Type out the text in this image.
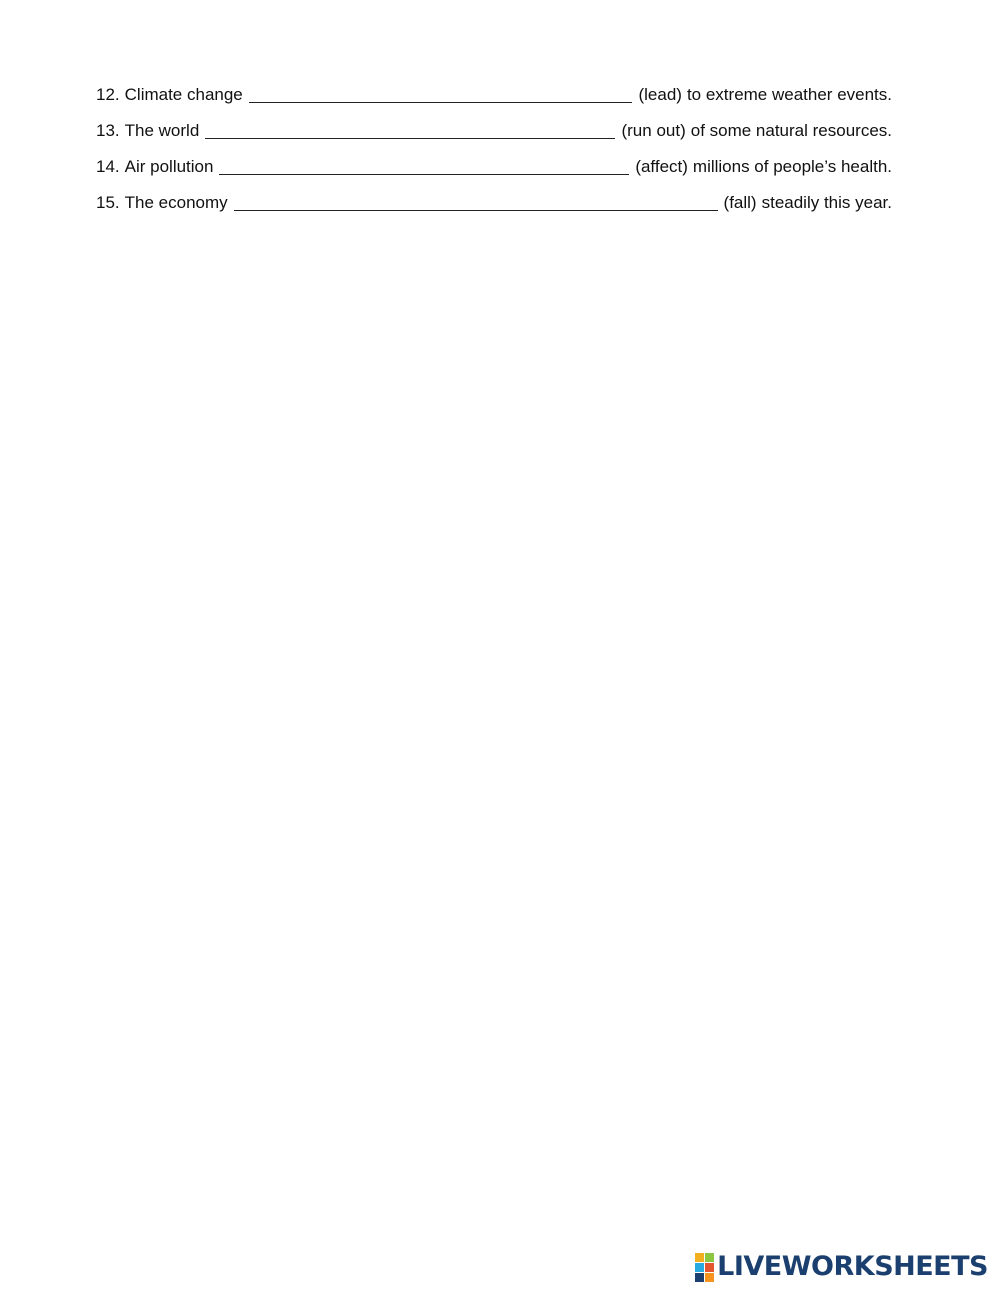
12. Climate change	(lead) to extreme weather events.
13. The world	(run out) of some natural resources.
14. Air pollution	(affect) millions of people’s health.
15. The economy	(fall) steadily this year.
LIVEWORKSHEETS
